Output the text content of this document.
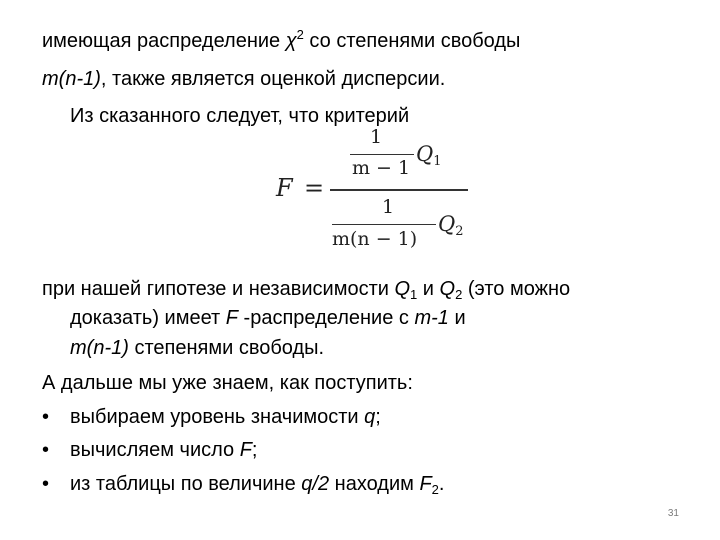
имеющая распределение $\chi^2$ со степенями свободы
m(n-1), также является оценкой дисперсии.
Из сказанного следует, что критерий
F =
1
m − 1
$Q_1$
1
m(n − 1)
$Q_2$
при нашей гипотезе и независимости $Q_1$ и $Q_2$ (это можно
доказать) имеет F -распределение с m-1 и
m(n-1) степенями свободы.
А дальше мы уже знаем, как поступить:
• выбираем уровень значимости q;
• вычисляем число F;
• из таблицы по величине q/2 находим $F_2$.
31
